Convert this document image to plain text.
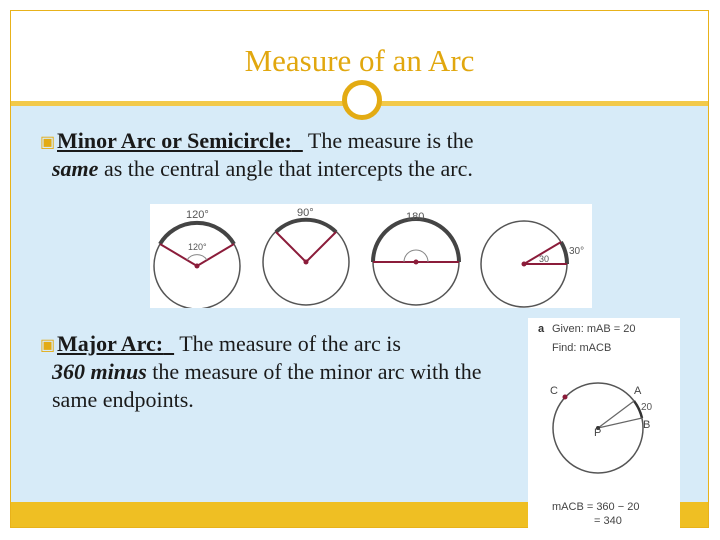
Measure of an Arc
▣ Minor Arc or Semicircle:   The measure is the
same as the central angle that intercepts the arc.
120°
120°
90°	180
30
30°
▣ Major Arc:   The measure of the arc is
360 minus the measure of the minor arc with the same endpoints.
a Given: mAB = 20
Find: mACB
C	A
20
B
P
mACB = 360 − 20
= 340
